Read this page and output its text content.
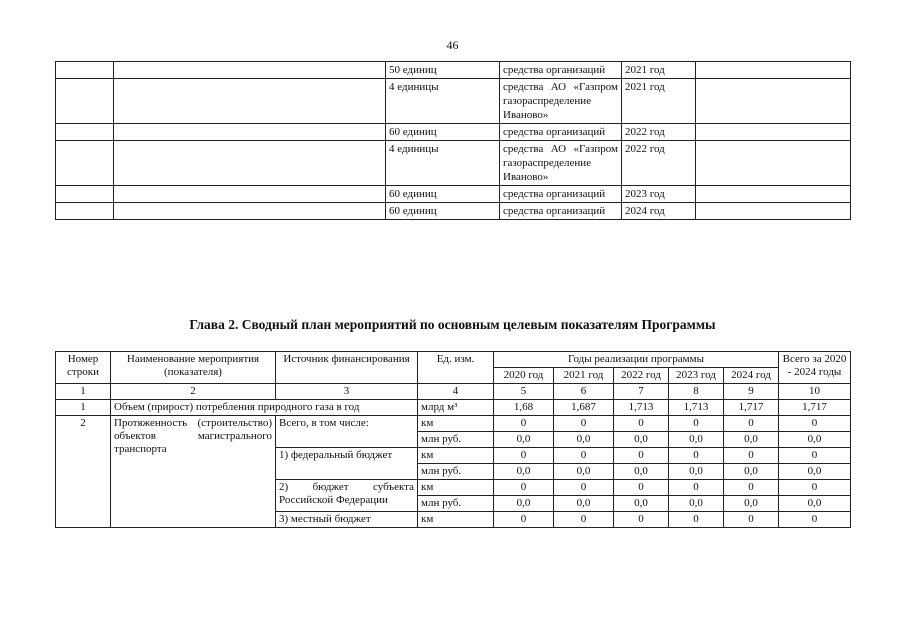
46
		50 единиц	средства организаций	2021 год	
		4 единицы	средства АО «Газпром газораспределение Иваново»	2021 год	
		60 единиц	средства организаций	2022 год	
		4 единицы	средства АО «Газпром газораспределение Иваново»	2022 год	
		60 единиц	средства организаций	2023 год	
		60 единиц	средства организаций	2024 год	
Глава 2. Сводный план мероприятий по основным целевым показателям Программы
Номер строки	Наименование мероприятия (показателя)	Источник финансирования	Ед. изм.	Годы реализации программы					Всего за 2020 - 2024 годы
				2020 год	2021 год	2022 год	2023 год	2024 год	
1	2	3	4	5	6	7	8	9	10
1	Объем (прирост) потребления природного газа в год		млрд м³	1,68	1,687	1,713	1,713	1,717	1,717
2	Протяженность (строительство) объектов магистрального транспорта	Всего, в том числе:	км	0	0	0	0	0	0
			млн руб.	0,0	0,0	0,0	0,0	0,0	0,0
		1) федеральный бюджет	км	0	0	0	0	0	0
			млн руб.	0,0	0,0	0,0	0,0	0,0	0,0
		2) бюджет субъекта Российской Федерации	км	0	0	0	0	0	0
			млн руб.	0,0	0,0	0,0	0,0	0,0	0,0
		3) местный бюджет	км	0	0	0	0	0	0
